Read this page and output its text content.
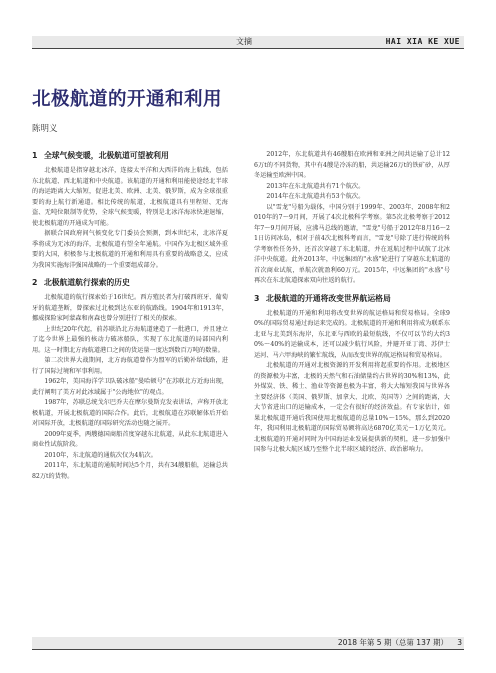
文摘	HAI XIA KE XUE
北极航道的开通和利用
陈明义
1 全球气候变暖，北极航道可望被利用

北极航道是指穿越北冰洋，连接太平洋和大西洋的海上航线，包括东北航道、西北航道和中央航道。该航道的开通和利用能使途经北半球的海运距离大大缩短，促进北美、欧洲、北美、俄罗斯，成为全球很重要的海上航行新通道。相比传统的航道，北极航道具有里程短、无海盗、无吨位限制等优势，全球气候变暖，特别是北冰洋海冰快速退缩，使北极航道的开通成为可能。

据联合国政府间气候变化专门委员会预测，到本世纪末，北冰洋夏季将成为无冰的海洋，北极航道有望全年通航。中国作为北极区域外重要的大国，积极参与北极航道的开通和利用具有重要的战略意义，应成为我国实施海洋强国战略的一个重要组成部分。

2 北极航道航行探索的历史

北极航道的航行探索始于16世纪。西方殖民者为打破西班牙、葡萄牙的航道垄断，曾探索过北极到达东亚的航路线。1904年和1913年，挪威探险家阿蒙森和南森也曾分别进行了相关的探索。

上世纪20年代起，前苏联沿北方海航道建造了一批港口，并且建立了迄今世界上最强的核动力破冰船队，实现了东北航道的局部国内利用。这一时期北方海航道港口之间的货运量一度达到数百万吨的数量。

第二次世界大战期间，北方海航道曾作为盟军的后勤补给线路，进行了国际过境和军事利用。

1962年，美国海洋学卫队破冰船"曼哈顿号"在苏联北方近海出现，此行阐明了美方对此冰域属于"公海地位"的观点。

1987年，苏联总统戈尔巴乔夫在摩尔曼斯克发表讲话，声称开放北极航道，开展北极航道的国际合作。此后，北极航道在苏联解体后开始对国际开放，北极航道的国际研究活动也随之展开。

2009年夏季，两艘德国商船首度穿越东北航道，从此东北航道进入商业性试航阶段。

2010年，东北航道的通航次仅为4航次。

2011年，东北航道的通航时间达5个月，共有34艘船舶，运输总共82万t的货物。

2012年，东北航道共有46艘船在欧洲和亚洲之间共运输了总计126万t的不同货物，其中有4艘是冷冻的船，共运输26万t的铁矿砂，从厚冬运输至欧洲中国。

2013年在东北航道共有71个航次。

2014年在东北航道共有53个航次。

以"雪龙"号船为载体，中国分别于1999年、2003年、2008年和2010年的7～9月间，开展了4次北极科学考察。第5次北极考察于2012年7～9月间开展，应沸马总线的邀请，"雪龙"号船于2012年8月16～21日访问冰岛，相对于前4次北极科考而言，"雪龙"号除了进行传统的科学考察性任务外，还首次穿越了东北航道，并在返航过程中试航了北冰洋中央航道。此外2013年，中远集团的"永盛"轮进行了穿越东北航道的首次商业试航，单航次就盈利60万元。2015年，中远集团的"永盛"号再次在东北航道探索双向往返的航行。

3 北极航道的开通将改变世界航运格局

北极航道的开通和利用将改变世界的航运格局和贸易格局。全球90%的国际贸易通过海运来完成的。北极航道的开通和利用将成为联系东北亚与北美到东海岸，东北亚与西欧的最短航线，不仅可以节约大约30%～40%的运输成本，还可以减少航行风险，并避开亚丁湾、苏伊士运河、马六甲海峡的繁忙航线，从而改变世界的航运格局和贸易格局。

北极航道的开通对北极资源的开发利用将起重要的作用。北极地区的资源极为丰富，北极的天然气和石油储量约占世界的30%和13%，此外煤炭、铁、稀土、渔业等资源也极为丰富，将大大缩短我国与世界各主要经济体（美国、俄罗斯、加拿大、北欧、英国等）之间的距离，大大节省进出口的运输成本，一定会有很好的经济效益。有专家估计，如果北极航道开通后我国使用北极航道的总量10%～15%，那么到2020年，我国利用北极航道的国际贸易额将高达6870亿美元～1万亿美元。北极航道的开通对同时为中国海运业发展提供新的契机，进一步加强中国参与北极大航区域乃至整个北半球区域的经济、政治影响力。

2018 年第 5 期（总第 137 期） 3
